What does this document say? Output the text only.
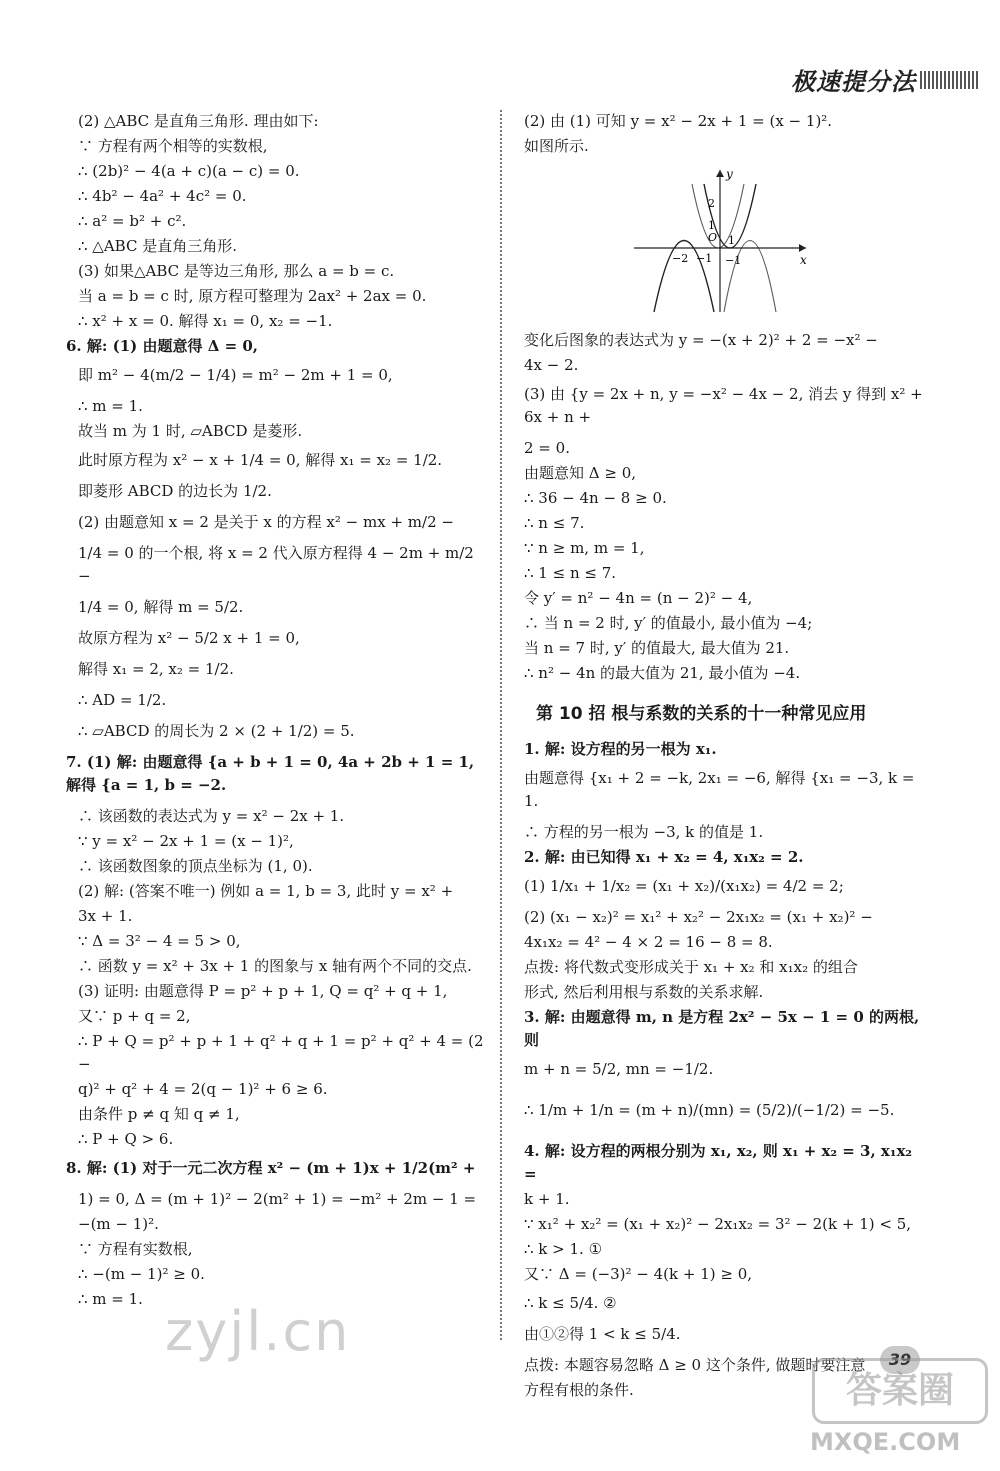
极速提分法

(2) △ABC 是直角三角形. 理由如下:

∵ 方程有两个相等的实数根,

∴ (2b)² − 4(a + c)(a − c) = 0.

∴ 4b² − 4a² + 4c² = 0.

∴ a² = b² + c².

∴ △ABC 是直角三角形.

(3) 如果△ABC 是等边三角形, 那么 a = b = c.

当 a = b = c 时, 原方程可整理为 2ax² + 2ax = 0.

∴ x² + x = 0. 解得 x₁ = 0, x₂ = −1.

6. 解: (1) 由题意得 Δ = 0,

即 m² − 4(m/2 − 1/4) = m² − 2m + 1 = 0,

∴ m = 1.

故当 m 为 1 时, ▱ABCD 是菱形.

此时原方程为 x² − x + 1/4 = 0, 解得 x₁ = x₂ = 1/2.

即菱形 ABCD 的边长为 1/2.

(2) 由题意知 x = 2 是关于 x 的方程 x² − mx + m/2 −

1/4 = 0 的一个根, 将 x = 2 代入原方程得 4 − 2m + m/2 −

1/4 = 0, 解得 m = 5/2.

故原方程为 x² − 5/2 x + 1 = 0,

解得 x₁ = 2, x₂ = 1/2.

∴ AD = 1/2.

∴ ▱ABCD 的周长为 2 × (2 + 1/2) = 5.

7. (1) 解: 由题意得 {a + b + 1 = 0, 4a + 2b + 1 = 1, 解得 {a = 1, b = −2.

∴ 该函数的表达式为 y = x² − 2x + 1.

∵ y = x² − 2x + 1 = (x − 1)²,

∴ 该函数图象的顶点坐标为 (1, 0).

(2) 解: (答案不唯一) 例如 a = 1, b = 3, 此时 y = x² +

3x + 1.

∵ Δ = 3² − 4 = 5 > 0,

∴ 函数 y = x² + 3x + 1 的图象与 x 轴有两个不同的交点.

(3) 证明: 由题意得 P = p² + p + 1, Q = q² + q + 1,

又∵ p + q = 2,

∴ P + Q = p² + p + 1 + q² + q + 1 = p² + q² + 4 = (2 −

q)² + q² + 4 = 2(q − 1)² + 6 ≥ 6.

由条件 p ≠ q 知 q ≠ 1,

∴ P + Q > 6.

8. 解: (1) 对于一元二次方程 x² − (m + 1)x + 1/2(m² +

1) = 0, Δ = (m + 1)² − 2(m² + 1) = −m² + 2m − 1 =

−(m − 1)².

∵ 方程有实数根,

∴ −(m − 1)² ≥ 0.

∴ m = 1.

(2) 由 (1) 可知 y = x² − 2x + 1 = (x − 1)².

如图所示.

x
y
O
−2 −1
1
2
1
−1

变化后图象的表达式为 y = −(x + 2)² + 2 = −x² −

4x − 2.

(3) 由 {y = 2x + n, y = −x² − 4x − 2, 消去 y 得到 x² + 6x + n +

2 = 0.

由题意知 Δ ≥ 0,

∴ 36 − 4n − 8 ≥ 0.

∴ n ≤ 7.

∵ n ≥ m, m = 1,

∴ 1 ≤ n ≤ 7.

令 y′ = n² − 4n = (n − 2)² − 4,

∴ 当 n = 2 时, y′ 的值最小, 最小值为 −4;

当 n = 7 时, y′ 的值最大, 最大值为 21.

∴ n² − 4n 的最大值为 21, 最小值为 −4.

第 10 招 根与系数的关系的十一种常见应用

1. 解: 设方程的另一根为 x₁.

由题意得 {x₁ + 2 = −k, 2x₁ = −6, 解得 {x₁ = −3, k = 1.

∴ 方程的另一根为 −3, k 的值是 1.

2. 解: 由已知得 x₁ + x₂ = 4, x₁x₂ = 2.

(1) 1/x₁ + 1/x₂ = (x₁ + x₂)/(x₁x₂) = 4/2 = 2;

(2) (x₁ − x₂)² = x₁² + x₂² − 2x₁x₂ = (x₁ + x₂)² −

4x₁x₂ = 4² − 4 × 2 = 16 − 8 = 8.

点拨: 将代数式变形成关于 x₁ + x₂ 和 x₁x₂ 的组合

形式, 然后利用根与系数的关系求解.

3. 解: 由题意得 m, n 是方程 2x² − 5x − 1 = 0 的两根, 则

m + n = 5/2, mn = −1/2.

∴ 1/m + 1/n = (m + n)/(mn) = (5/2)/(−1/2) = −5.

4. 解: 设方程的两根分别为 x₁, x₂, 则 x₁ + x₂ = 3, x₁x₂ =

k + 1.

∵ x₁² + x₂² = (x₁ + x₂)² − 2x₁x₂ = 3² − 2(k + 1) < 5,

∴ k > 1. ①

又∵ Δ = (−3)² − 4(k + 1) ≥ 0,

∴ k ≤ 5/4. ②

由①②得 1 < k ≤ 5/4.

点拨: 本题容易忽略 Δ ≥ 0 这个条件, 做题时要注意

方程有根的条件.

39
zyjl.cn
答案圈
MXQE.COM
